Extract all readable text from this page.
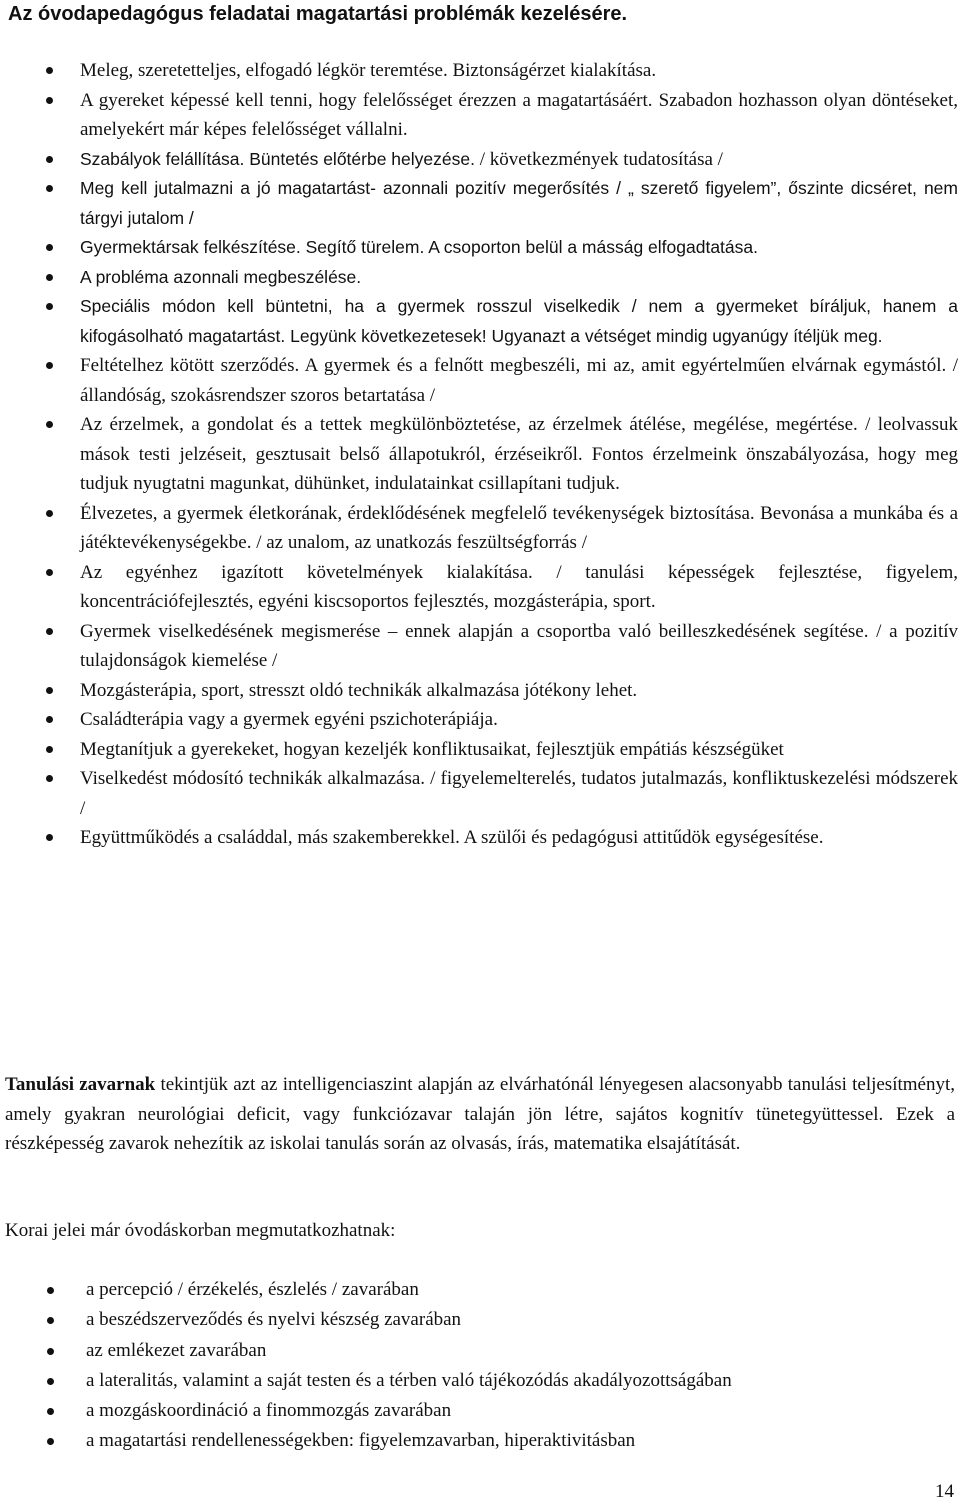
Az óvodapedagógus feladatai magatartási problémák kezelésére.
Meleg, szeretetteljes, elfogadó légkör teremtése. Biztonságérzet kialakítása.
A gyereket képessé kell tenni, hogy felelősséget érezzen a magatartásáért. Szabadon hozhasson olyan döntéseket, amelyekért már képes felelősséget vállalni.
Szabályok felállítása. Büntetés előtérbe helyezése. / következmények tudatosítása /
Meg kell jutalmazni a jó magatartást- azonnali pozitív megerősítés / „ szerető figyelem”, őszinte dicséret, nem tárgyi jutalom /
Gyermektársak felkészítése. Segítő türelem. A csoporton belül a másság elfogadtatása.
A probléma azonnali megbeszélése.
Speciális módon kell büntetni, ha a gyermek rosszul viselkedik / nem a gyermeket bíráljuk, hanem a kifogásolható magatartást. Legyünk következetesek! Ugyanazt a vétséget mindig ugyanúgy ítéljük meg.
Feltételhez kötött szerződés. A gyermek és a felnőtt megbeszéli, mi az, amit egyértelműen elvárnak egymástól. / állandóság, szokásrendszer szoros betartatása /
Az érzelmek, a gondolat és a tettek megkülönböztetése, az érzelmek átélése, megélése, megértése. / leolvassuk mások testi jelzéseit, gesztusait belső állapotukról, érzéseikről. Fontos érzelmeink önszabályozása, hogy meg tudjuk nyugtatni magunkat, dühünket, indulatainkat csillapítani tudjuk.
Élvezetes, a gyermek életkorának, érdeklődésének megfelelő tevékenységek biztosítása. Bevonása a munkába és a játéktevékenységekbe. / az unalom, az unatkozás feszültségforrás /
Az egyénhez igazított követelmények kialakítása. / tanulási képességek fejlesztése, figyelem, koncentrációfejlesztés, egyéni kiscsoportos fejlesztés, mozgásterápia, sport.
Gyermek viselkedésének megismerése – ennek alapján a csoportba való beilleszkedésének segítése. / a pozitív tulajdonságok kiemelése /
Mozgásterápia, sport, stresszt oldó technikák alkalmazása jótékony lehet.
Családterápia vagy a gyermek egyéni pszichoterápiája.
Megtanítjuk a gyerekeket, hogyan kezeljék konfliktusaikat, fejlesztjük empátiás készségüket
Viselkedést módosító technikák alkalmazása. / figyelemelterelés, tudatos jutalmazás, konfliktuskezelési módszerek /
Együttműködés a családdal, más szakemberekkel. A szülői és pedagógusi attitűdök egységesítése.

Tanulási zavarnak tekintjük azt az intelligenciaszint alapján az elvárhatónál lényegesen alacsonyabb tanulási teljesítményt, amely gyakran neurológiai deficit, vagy funkciózavar talaján jön létre, sajátos kognitív tünetegyüttessel. Ezek a részképesség zavarok nehezítik az iskolai tanulás során az olvasás, írás, matematika elsajátítását.

Korai jelei már óvodáskorban megmutatkozhatnak:

a percepció / érzékelés, észlelés / zavarában
a beszédszerveződés és nyelvi készség zavarában
az emlékezet zavarában
a lateralitás, valamint a saját testen és a térben való tájékozódás akadályozottságában
a mozgáskoordináció a finommozgás zavarában
a magatartási rendellenességekben: figyelemzavarban, hiperaktivitásban
14
